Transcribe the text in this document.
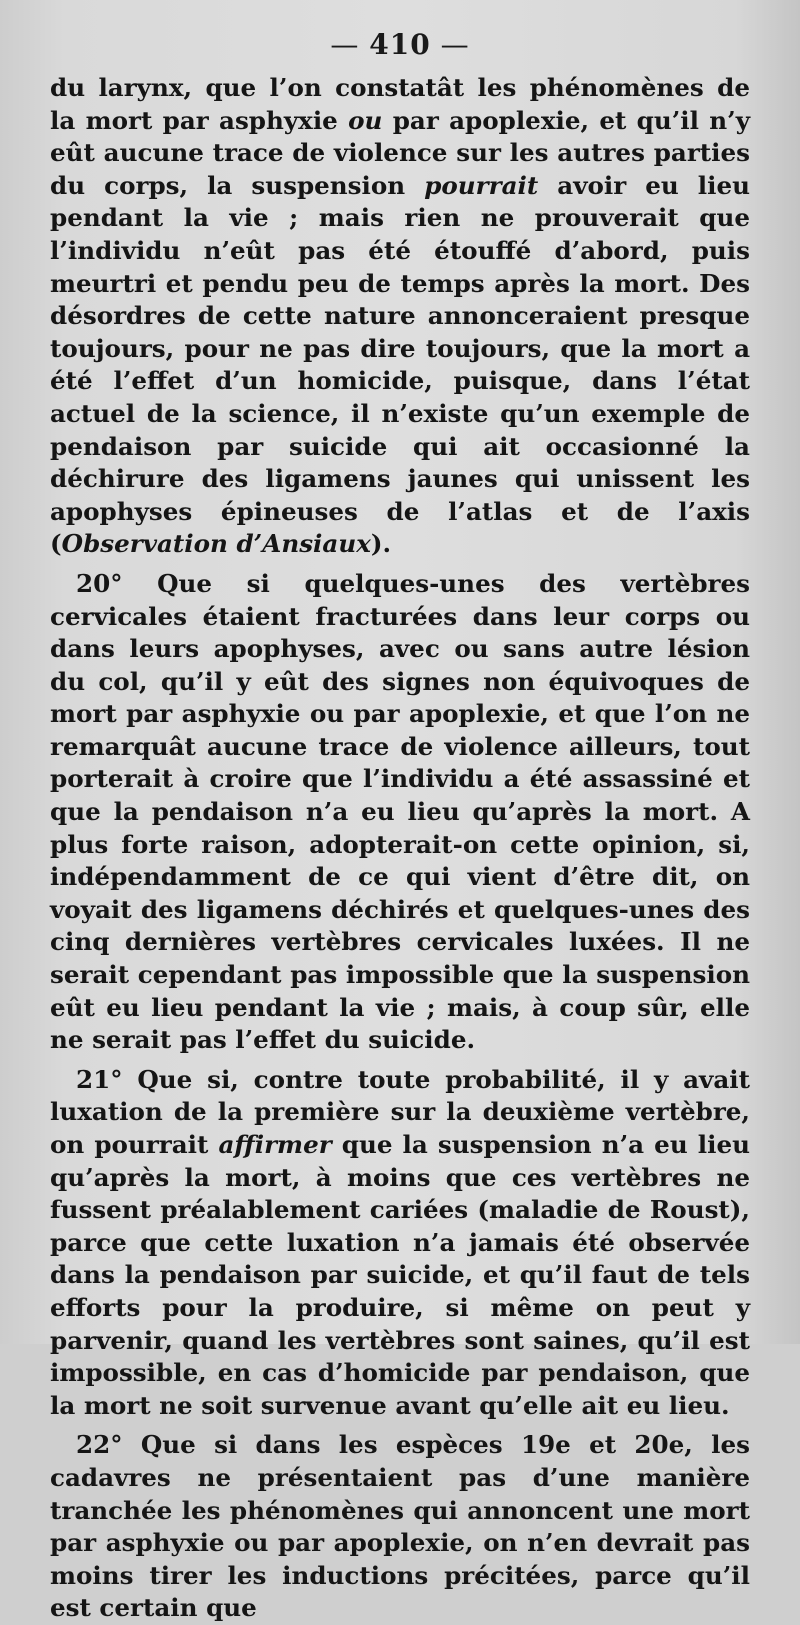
— 410 —

du larynx, que l’on constatât les phénomènes de la mort par asphyxie ou par apoplexie, et qu’il n’y eût aucune trace de violence sur les autres parties du corps, la suspension pourrait avoir eu lieu pendant la vie ; mais rien ne prouverait que l’individu n’eût pas été étouffé d’abord, puis meurtri et pendu peu de temps après la mort. Des désordres de cette nature annonceraient presque toujours, pour ne pas dire toujours, que la mort a été l’effet d’un homicide, puisque, dans l’état actuel de la science, il n’existe qu’un exemple de pendaison par suicide qui ait occasionné la déchirure des ligamens jaunes qui unissent les apophyses épineuses de l’atlas et de l’axis (Observation d’Ansiaux).

20° Que si quelques-unes des vertèbres cervicales étaient fracturées dans leur corps ou dans leurs apophyses, avec ou sans autre lésion du col, qu’il y eût des signes non équivoques de mort par asphyxie ou par apoplexie, et que l’on ne remarquât aucune trace de violence ailleurs, tout porterait à croire que l’individu a été assassiné et que la pendaison n’a eu lieu qu’après la mort. A plus forte raison, adopterait-on cette opinion, si, indépendamment de ce qui vient d’être dit, on voyait des ligamens déchirés et quelques-unes des cinq dernières vertèbres cervicales luxées. Il ne serait cependant pas impossible que la suspension eût eu lieu pendant la vie ; mais, à coup sûr, elle ne serait pas l’effet du suicide.

21° Que si, contre toute probabilité, il y avait luxation de la première sur la deuxième vertèbre, on pourrait affirmer que la suspension n’a eu lieu qu’après la mort, à moins que ces vertèbres ne fussent préalablement cariées (maladie de Roust), parce que cette luxation n’a jamais été observée dans la pendaison par suicide, et qu’il faut de tels efforts pour la produire, si même on peut y parvenir, quand les vertèbres sont saines, qu’il est impossible, en cas d’homicide par pendaison, que la mort ne soit survenue avant qu’elle ait eu lieu.

22° Que si dans les espèces 19e et 20e, les cadavres ne présentaient pas d’une manière tranchée les phénomènes qui annoncent une mort par asphyxie ou par apoplexie, on n’en devrait pas moins tirer les inductions précitées, parce qu’il est certain que
